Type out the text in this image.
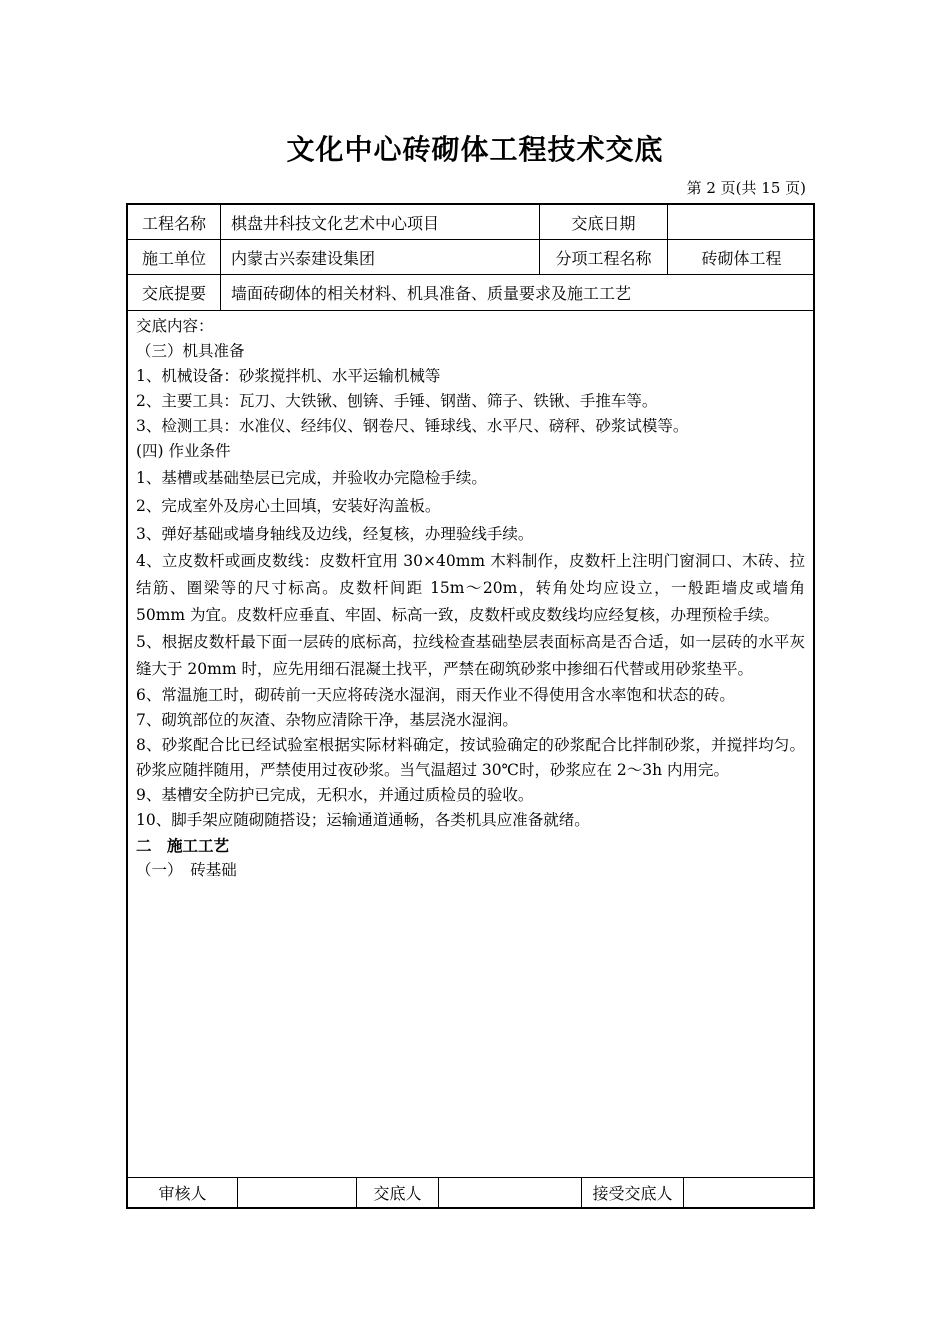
文化中心砖砌体工程技术交底
第 2 页(共 15 页)
工程名称	棋盘井科技文化艺术中心项目	交底日期
施工单位	内蒙古兴泰建设集团	分项工程名称	砖砌体工程
交底提要	墙面砖砌体的相关材料、机具准备、质量要求及施工工艺

交底内容：

（三）机具准备

1、机械设备：砂浆搅拌机、水平运输机械等

2、主要工具：瓦刀、大铁锹、刨锛、手锤、钢凿、筛子、铁锹、手推车等。

3、检测工具：水准仪、经纬仪、钢卷尺、锤球线、水平尺、磅秤、砂浆试模等。

(四) 作业条件

1、基槽或基础垫层已完成，并验收办完隐检手续。

2、完成室外及房心土回填，安装好沟盖板。

3、弹好基础或墙身轴线及边线，经复核，办理验线手续。

4、立皮数杆或画皮数线：皮数杆宜用 30×40mm 木料制作，皮数杆上注明门窗洞口、木砖、拉结筋、圈梁等的尺寸标高。皮数杆间距 15m～20m，转角处均应设立，一般距墙皮或墙角 50mm 为宜。皮数杆应垂直、牢固、标高一致，皮数杆或皮数线均应经复核，办理预检手续。

5、根据皮数杆最下面一层砖的底标高，拉线检查基础垫层表面标高是否合适，如一层砖的水平灰缝大于 20mm 时，应先用细石混凝土找平，严禁在砌筑砂浆中掺细石代替或用砂浆垫平。

6、常温施工时，砌砖前一天应将砖浇水湿润，雨天作业不得使用含水率饱和状态的砖。

7、砌筑部位的灰渣、杂物应清除干净，基层浇水湿润。

8、砂浆配合比已经试验室根据实际材料确定，按试验确定的砂浆配合比拌制砂浆，并搅拌均匀。砂浆应随拌随用，严禁使用过夜砂浆。当气温超过 30℃时，砂浆应在 2～3h 内用完。

9、基槽安全防护已完成，无积水，并通过质检员的验收。

10、脚手架应随砌随搭设；运输通道通畅，各类机具应准备就绪。

二　施工工艺

（一）　砖基础

审核人	交底人	接受交底人
